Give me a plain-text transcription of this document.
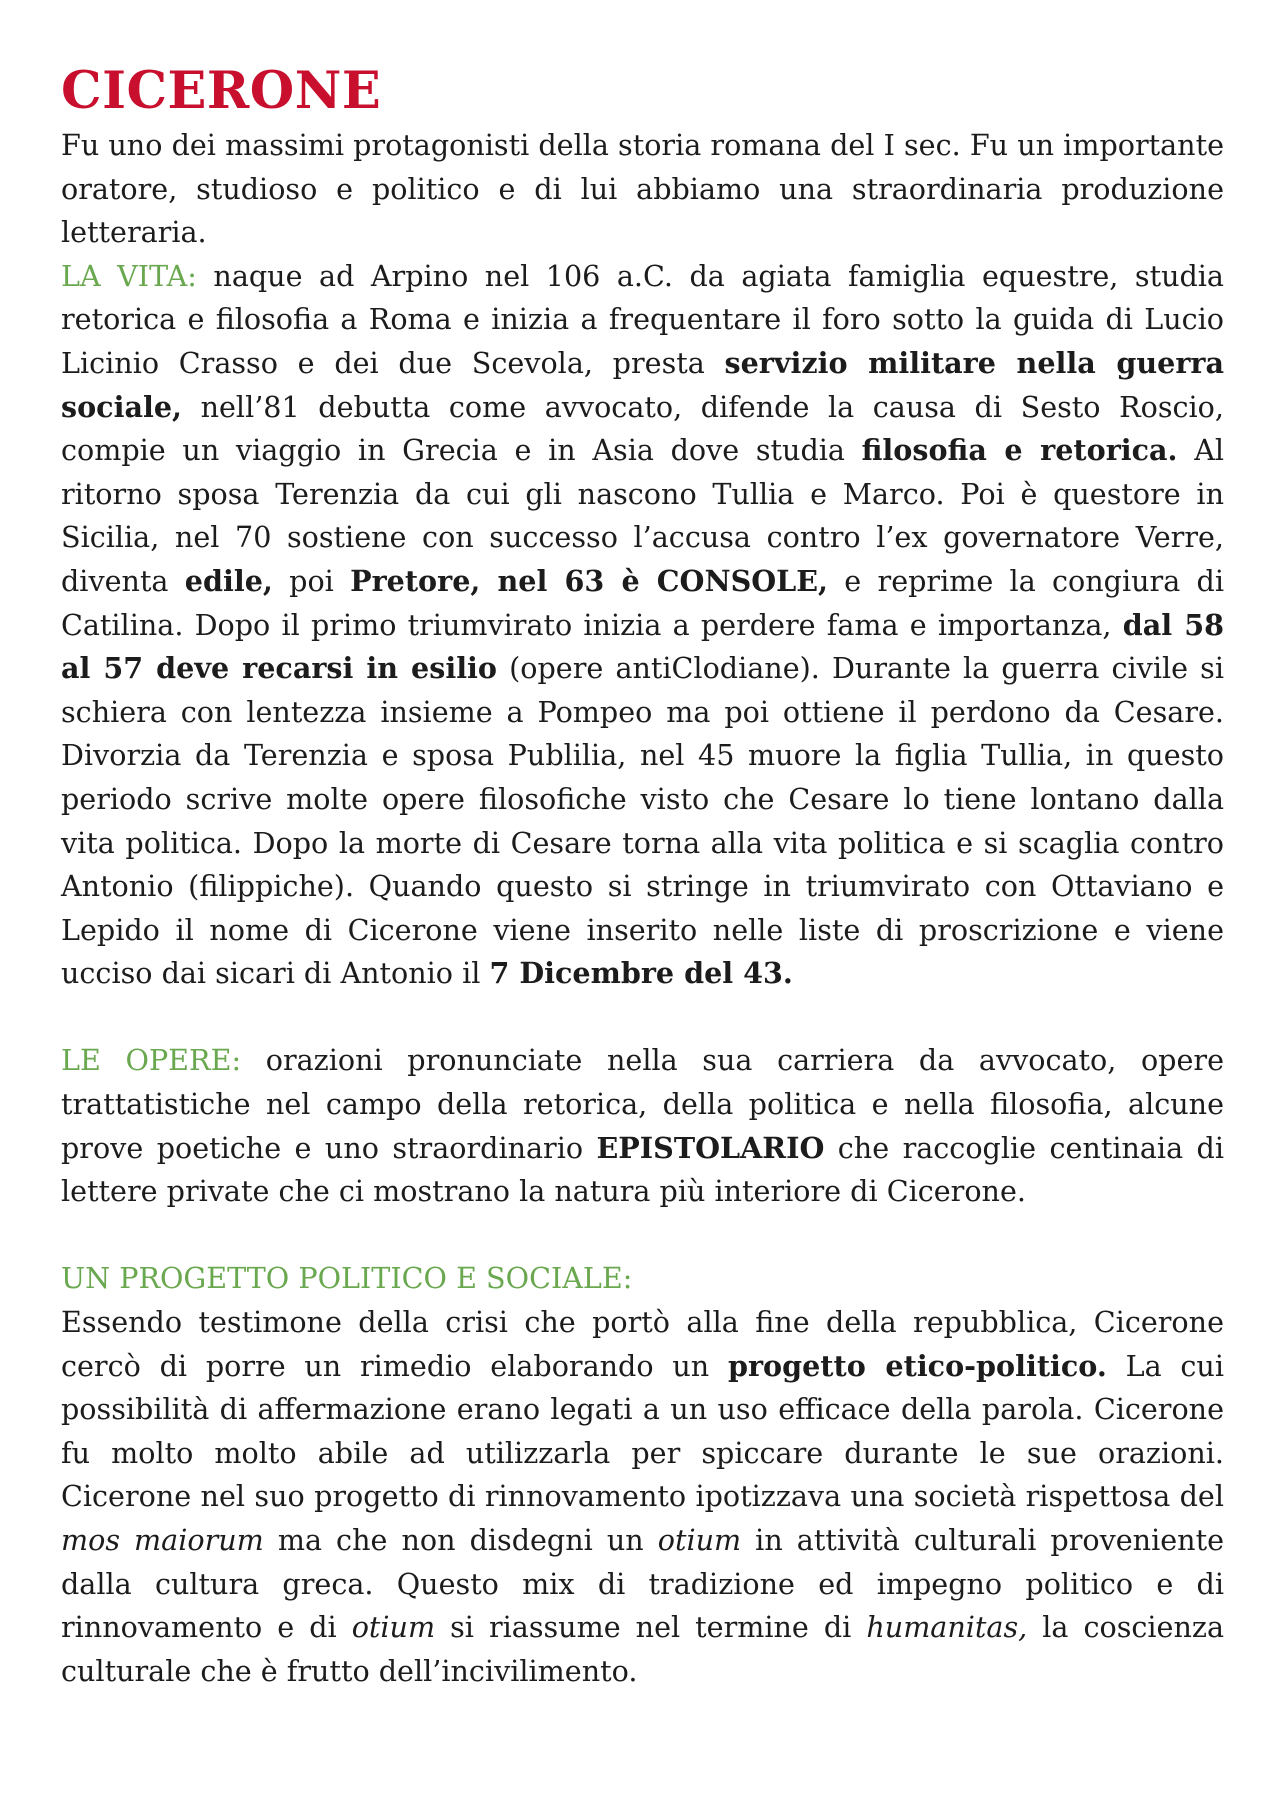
CICERONE

Fu uno dei massimi protagonisti della storia romana del I sec. Fu un importante oratore, studioso e politico e di lui abbiamo una straordinaria produzione letteraria.

LA VITA: naque ad Arpino nel 106 a.C. da agiata famiglia equestre, studia retorica e filosofia a Roma e inizia a frequentare il foro sotto la guida di Lucio Licinio Crasso e dei due Scevola, presta servizio militare nella guerra sociale, nell’81 debutta come avvocato, difende la causa di Sesto Roscio, compie un viaggio in Grecia e in Asia dove studia filosofia e retorica. Al ritorno sposa Terenzia da cui gli nascono Tullia e Marco. Poi è questore in Sicilia, nel 70 sostiene con successo l’accusa contro l’ex governatore Verre, diventa edile, poi Pretore, nel 63 è CONSOLE, e reprime la congiura di Catilina. Dopo il primo triumvirato inizia a perdere fama e importanza, dal 58 al 57 deve recarsi in esilio (opere antiClodiane). Durante la guerra civile si schiera con lentezza insieme a Pompeo ma poi ottiene il perdono da Cesare. Divorzia da Terenzia e sposa Publilia, nel 45 muore la figlia Tullia, in questo periodo scrive molte opere filosofiche visto che Cesare lo tiene lontano dalla vita politica. Dopo la morte di Cesare torna alla vita politica e si scaglia contro Antonio (filippiche). Quando questo si stringe in triumvirato con Ottaviano e Lepido il nome di Cicerone viene inserito nelle liste di proscrizione e viene ucciso dai sicari di Antonio il 7 Dicembre del 43.

LE OPERE: orazioni pronunciate nella sua carriera da avvocato, opere trattatistiche nel campo della retorica, della politica e nella filosofia, alcune prove poetiche e uno straordinario EPISTOLARIO che raccoglie centinaia di lettere private che ci mostrano la natura più interiore di Cicerone.

UN PROGETTO POLITICO E SOCIALE:

Essendo testimone della crisi che portò alla fine della repubblica, Cicerone cercò di porre un rimedio elaborando un progetto etico-politico. La cui possibilità di affermazione erano legati a un uso efficace della parola. Cicerone fu molto molto abile ad utilizzarla per spiccare durante le sue orazioni. Cicerone nel suo progetto di rinnovamento ipotizzava una società rispettosa del mos maiorum ma che non disdegni un otium in attività culturali proveniente dalla cultura greca. Questo mix di tradizione ed impegno politico e di rinnovamento e di otium si riassume nel termine di humanitas, la coscienza culturale che è frutto dell’incivilimento.
